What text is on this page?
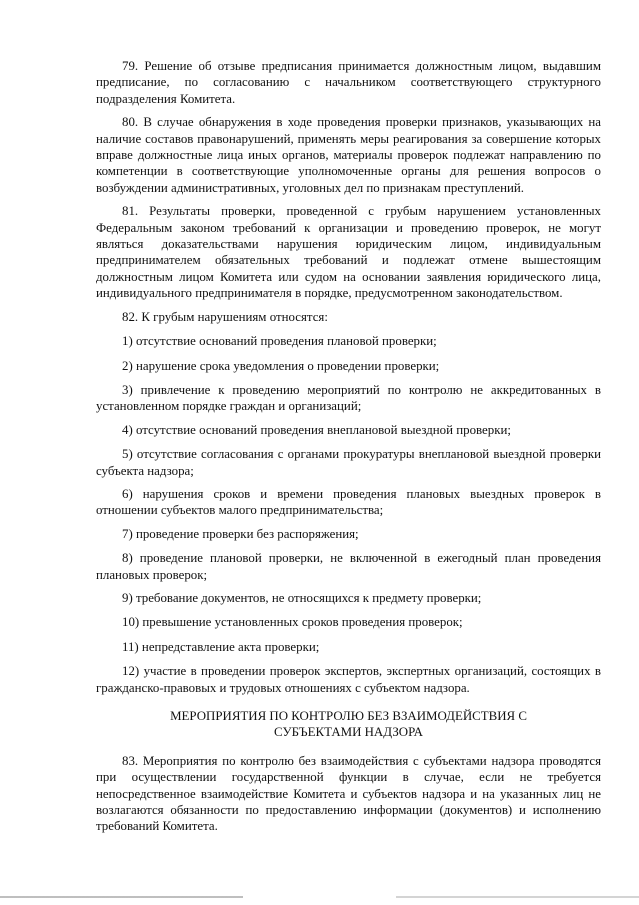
79. Решение об отзыве предписания принимается должностным лицом, выдавшим предписание, по согласованию с начальником соответствующего структурного подразделения Комитета.

80. В случае обнаружения в ходе проведения проверки признаков, указывающих на наличие составов правонарушений, применять меры реагирования за совершение которых вправе должностные лица иных органов, материалы проверок подлежат направлению по компетенции в соответствующие уполномоченные органы для решения вопросов о возбуждении административных, уголовных дел по признакам преступлений.

81. Результаты проверки, проведенной с грубым нарушением установленных Федеральным законом требований к организации и проведению проверок, не могут являться доказательствами нарушения юридическим лицом, индивидуальным предпринимателем обязательных требований и подлежат отмене вышестоящим должностным лицом Комитета или судом на основании заявления юридического лица, индивидуального предпринимателя в порядке, предусмотренном законодательством.

82. К грубым нарушениям относятся:

1) отсутствие оснований проведения плановой проверки;

2) нарушение срока уведомления о проведении проверки;

3) привлечение к проведению мероприятий по контролю не аккредитованных в установленном порядке граждан и организаций;

4) отсутствие оснований проведения внеплановой выездной проверки;

5) отсутствие согласования с органами прокуратуры внеплановой выездной проверки субъекта надзора;

6) нарушения сроков и времени проведения плановых выездных проверок в отношении субъектов малого предпринимательства;

7) проведение проверки без распоряжения;

8) проведение плановой проверки, не включенной в ежегодный план проведения плановых проверок;

9) требование документов, не относящихся к предмету проверки;

10) превышение установленных сроков проведения проверок;

11) непредставление акта проверки;

12) участие в проведении проверок экспертов, экспертных организаций, состоящих в гражданско-правовых и трудовых отношениях с субъектом надзора.

МЕРОПРИЯТИЯ ПО КОНТРОЛЮ БЕЗ ВЗАИМОДЕЙСТВИЯ С
СУБЪЕКТАМИ НАДЗОРА

83. Мероприятия по контролю без взаимодействия с субъектами надзора проводятся при осуществлении государственной функции в случае, если не требуется непосредственное взаимодействие Комитета и субъектов надзора и на указанных лиц не возлагаются обязанности по предоставлению информации (документов) и исполнению требований Комитета.
